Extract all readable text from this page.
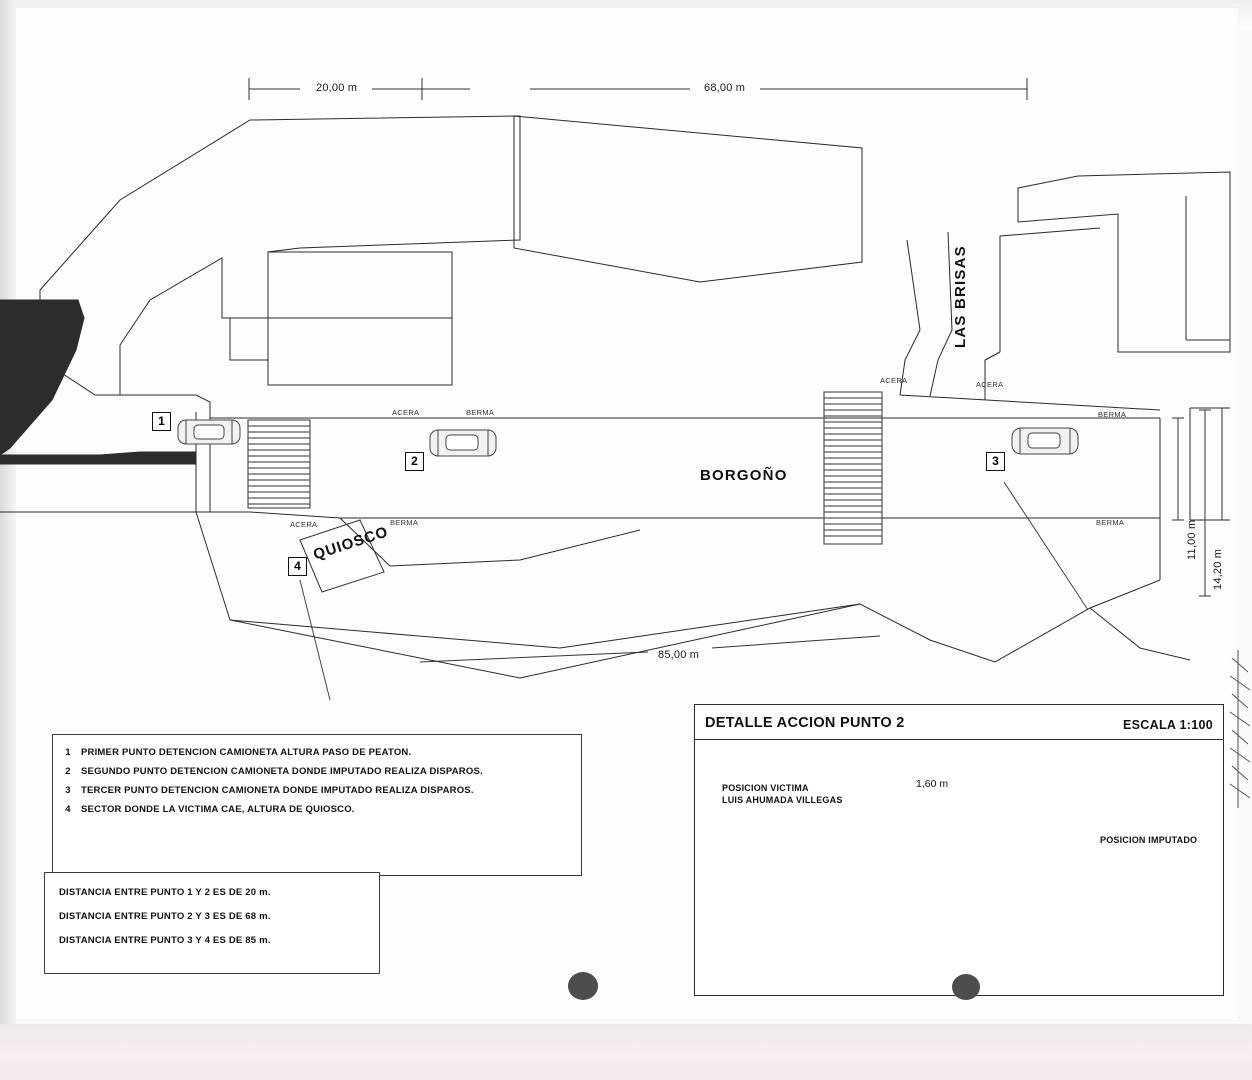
20,00 m	68,00 m
85,00 m
11,00 m
14,20 m
BORGOÑO
LAS BRISAS
ACERA	BERMA
ACERA	BERMA
ACERA	ACERA
BERMA
BERMA
QUIOSCO
1
2	3
4
1 PRIMER PUNTO DETENCION CAMIONETA ALTURA PASO DE PEATON.
2 SEGUNDO PUNTO DETENCION CAMIONETA DONDE IMPUTADO REALIZA DISPAROS.
3 TERCER PUNTO DETENCION CAMIONETA DONDE IMPUTADO REALIZA DISPAROS.
4 SECTOR DONDE LA VICTIMA CAE, ALTURA DE QUIOSCO.
DISTANCIA ENTRE PUNTO 1 Y 2 ES DE 20 m.
DISTANCIA ENTRE PUNTO 2 Y 3 ES DE 68 m.
DISTANCIA ENTRE PUNTO 3 Y 4 ES DE 85 m.
DETALLE ACCION PUNTO 2	ESCALA 1:100
POSICION VICTIMA
LUIS AHUMADA VILLEGAS
POSICION IMPUTADO
1,60 m
